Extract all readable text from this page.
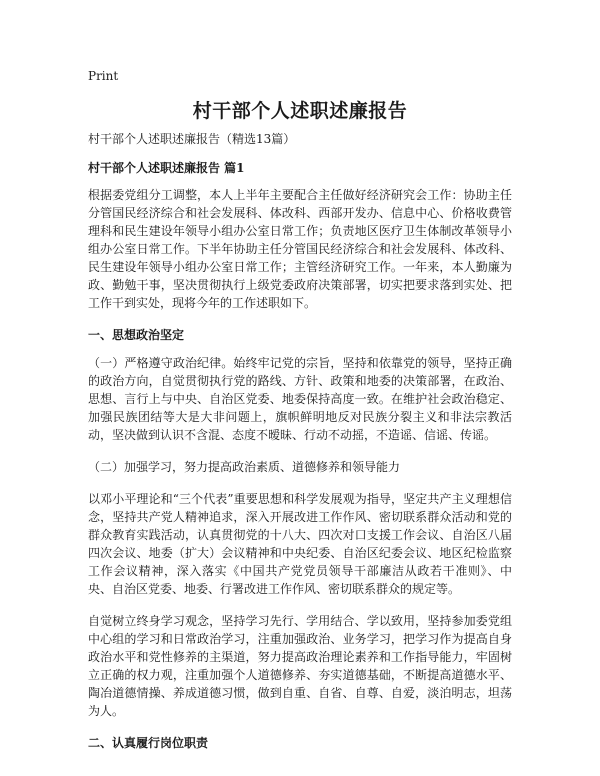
Print
村干部个人述职述廉报告

村干部个人述职述廉报告（精选13篇）

村干部个人述职述廉报告 篇1

根据委党组分工调整，本人上半年主要配合主任做好经济研究会工作：协助主任分管国民经济综合和社会发展科、体改科、西部开发办、信息中心、价格收费管理科和民生建设年领导小组办公室日常工作；负责地区医疗卫生体制改革领导小组办公室日常工作。下半年协助主任分管国民经济综合和社会发展科、体改科、民生建设年领导小组办公室日常工作；主管经济研究工作。一年来，本人勤廉为政、勤勉干事，坚决贯彻执行上级党委政府决策部署，切实把要求落到实处、把工作干到实处，现将今年的工作述职如下。

一、思想政治坚定

（一）严格遵守政治纪律。始终牢记党的宗旨，坚持和依靠党的领导，坚持正确的政治方向，自觉贯彻执行党的路线、方针、政策和地委的决策部署，在政治、思想、言行上与中央、自治区党委、地委保持高度一致。在维护社会政治稳定、加强民族团结等大是大非问题上，旗帜鲜明地反对民族分裂主义和非法宗教活动，坚决做到认识不含混、态度不暧昧、行动不动摇，不造谣、信谣、传谣。

（二）加强学习，努力提高政治素质、道德修养和领导能力

以邓小平理论和“三个代表”重要思想和科学发展观为指导，坚定共产主义理想信念，坚持共产党人精神追求，深入开展改进工作作风、密切联系群众活动和党的群众教育实践活动，认真贯彻党的十八大、四次对口支援工作会议、自治区八届四次会议、地委（扩大）会议精神和中央纪委、自治区纪委会议、地区纪检监察工作会议精神，深入落实《中国共产党党员领导干部廉洁从政若干准则》、中央、自治区党委、地委、行署改进工作作风、密切联系群众的规定等。

自觉树立终身学习观念，坚持学习先行、学用结合、学以致用，坚持参加委党组中心组的学习和日常政治学习，注重加强政治、业务学习，把学习作为提高自身政治水平和党性修养的主渠道，努力提高政治理论素养和工作指导能力，牢固树立正确的权力观，注重加强个人道德修养、夯实道德基础，不断提高道德水平、陶冶道德情操、养成道德习惯，做到自重、自省、自尊、自爱，淡泊明志，坦荡为人。

二、认真履行岗位职责
